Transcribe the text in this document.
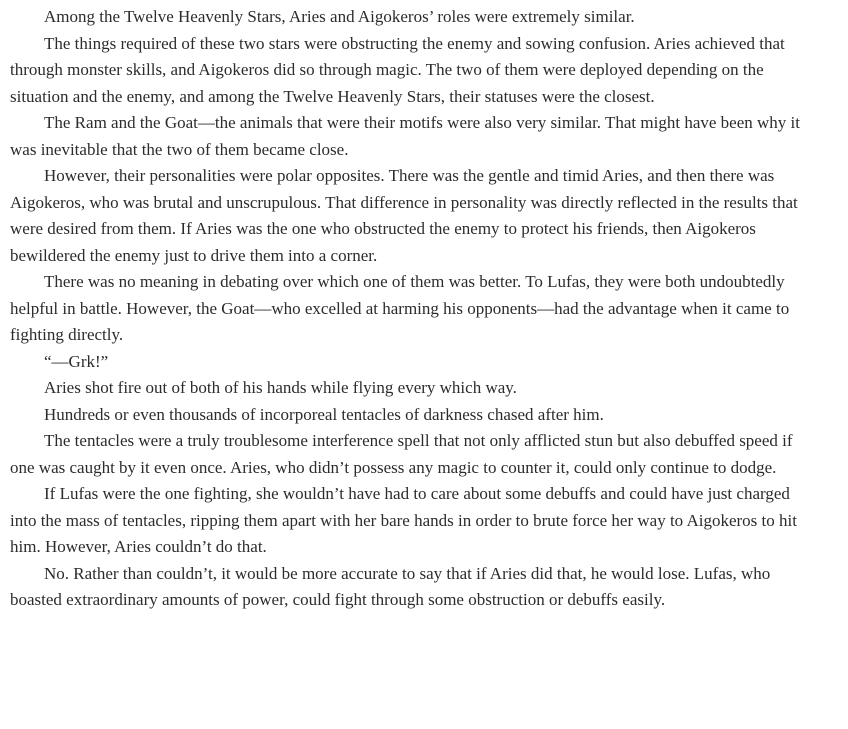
Among the Twelve Heavenly Stars, Aries and Aigokeros’ roles were extremely similar.

The things required of these two stars were obstructing the enemy and sowing confusion. Aries achieved that through monster skills, and Aigokeros did so through magic. The two of them were deployed depending on the situation and the enemy, and among the Twelve Heavenly Stars, their statuses were the closest.

The Ram and the Goat—the animals that were their motifs were also very similar. That might have been why it was inevitable that the two of them became close.

However, their personalities were polar opposites. There was the gentle and timid Aries, and then there was Aigokeros, who was brutal and unscrupulous. That difference in personality was directly reflected in the results that were desired from them. If Aries was the one who obstructed the enemy to protect his friends, then Aigokeros bewildered the enemy just to drive them into a corner.

There was no meaning in debating over which one of them was better. To Lufas, they were both undoubtedly helpful in battle. However, the Goat—who excelled at harming his opponents—had the advantage when it came to fighting directly.

“—Grk!”

Aries shot fire out of both of his hands while flying every which way.

Hundreds or even thousands of incorporeal tentacles of darkness chased after him.

The tentacles were a truly troublesome interference spell that not only afflicted stun but also debuffed speed if one was caught by it even once. Aries, who didn’t possess any magic to counter it, could only continue to dodge.

If Lufas were the one fighting, she wouldn’t have had to care about some debuffs and could have just charged into the mass of tentacles, ripping them apart with her bare hands in order to brute force her way to Aigokeros to hit him. However, Aries couldn’t do that.

No. Rather than couldn’t, it would be more accurate to say that if Aries did that, he would lose. Lufas, who boasted extraordinary amounts of power, could fight through some obstruction or debuffs easily.
